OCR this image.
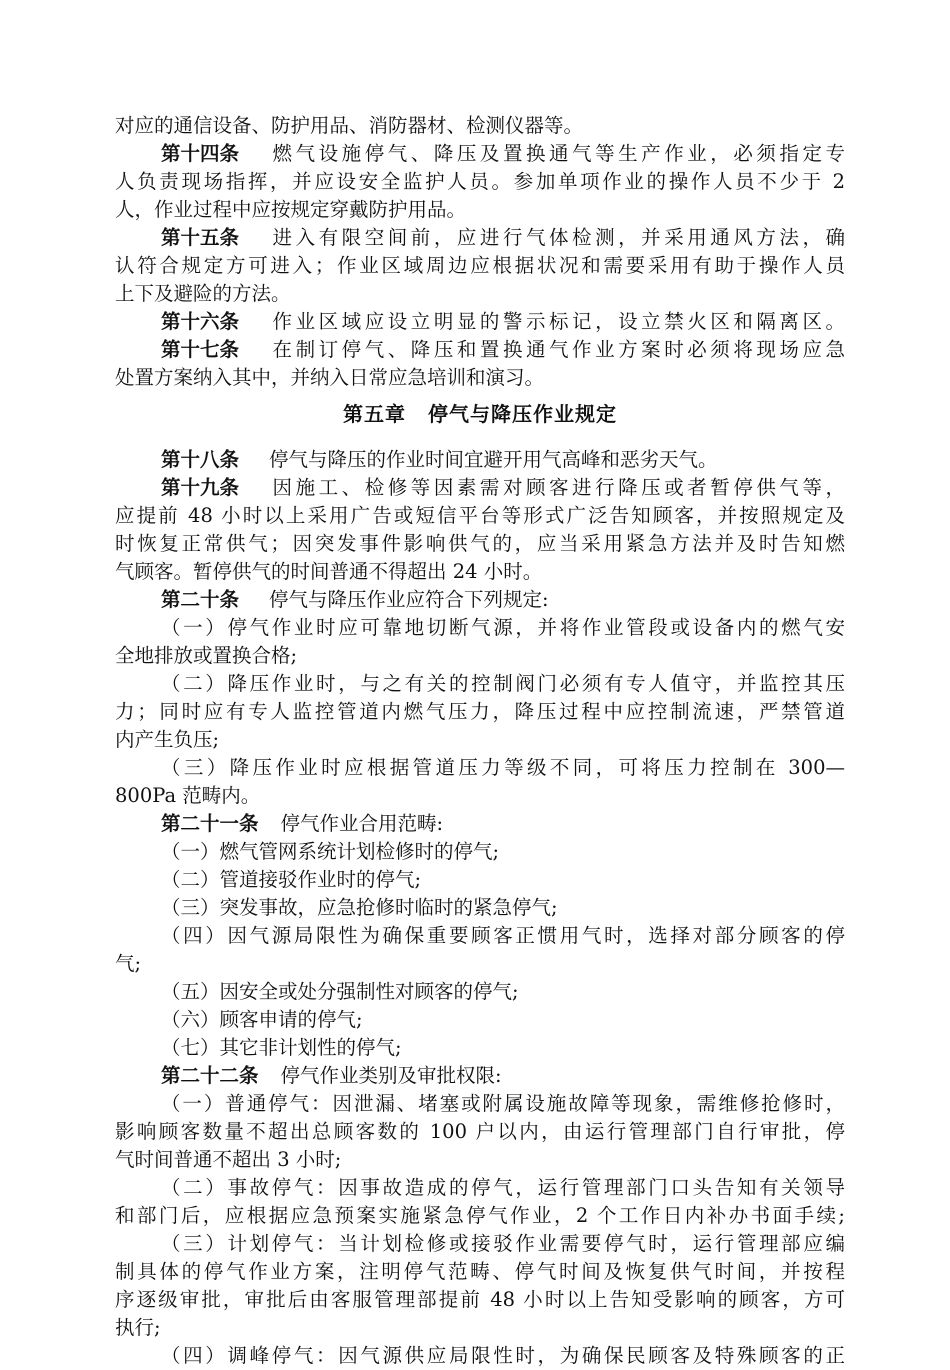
对应的通信设备、防护用品、消防器材、检测仪器等。

第十四条 燃气设施停气、降压及置换通气等生产作业，必须指定专

人负责现场指挥，并应设安全监护人员。参加单项作业的操作人员不少于 2

人，作业过程中应按规定穿戴防护用品。

第十五条 进入有限空间前，应进行气体检测，并采用通风方法，确

认符合规定方可进入；作业区域周边应根据状况和需要采用有助于操作人员

上下及避险的方法。

第十六条 作业区域应设立明显的警示标记，设立禁火区和隔离区。

第十七条 在制订停气、降压和置换通气作业方案时必须将现场应急

处置方案纳入其中，并纳入日常应急培训和演习。

第五章 停气与降压作业规定

第十八条 停气与降压的作业时间宜避开用气高峰和恶劣天气。

第十九条 因施工、检修等因素需对顾客进行降压或者暂停供气等，

应提前 48 小时以上采用广告或短信平台等形式广泛告知顾客，并按照规定及

时恢复正常供气；因突发事件影响供气的，应当采用紧急方法并及时告知燃

气顾客。暂停供气的时间普通不得超出 24 小时。

第二十条 停气与降压作业应符合下列规定:

（一）停气作业时应可靠地切断气源，并将作业管段或设备内的燃气安

全地排放或置换合格;

（二）降压作业时，与之有关的控制阀门必须有专人值守，并监控其压

力；同时应有专人监控管道内燃气压力，降压过程中应控制流速，严禁管道

内产生负压;

（三）降压作业时应根据管道压力等级不同，可将压力控制在 300—

800Pa 范畴内。

第二十一条 停气作业合用范畴:

（一）燃气管网系统计划检修时的停气;

（二）管道接驳作业时的停气;

（三）突发事故，应急抢修时临时的紧急停气;

（四）因气源局限性为确保重要顾客正惯用气时，选择对部分顾客的停

气;

（五）因安全或处分强制性对顾客的停气;

（六）顾客申请的停气;

（七）其它非计划性的停气;

第二十二条 停气作业类别及审批权限:

（一）普通停气：因泄漏、堵塞或附属设施故障等现象，需维修抢修时，

影响顾客数量不超出总顾客数的 100 户以内，由运行管理部门自行审批，停

气时间普通不超出 3 小时;

（二）事故停气：因事故造成的停气，运行管理部门口头告知有关领导

和部门后，应根据应急预案实施紧急停气作业，2 个工作日内补办书面手续;

（三）计划停气：当计划检修或接驳作业需要停气时，运行管理部应编

制具体的停气作业方案，注明停气范畴、停气时间及恢复供气时间，并按程

序逐级审批，审批后由客服管理部提前 48 小时以上告知受影响的顾客，方可

执行;

（四）调峰停气：因气源供应局限性时，为确保民顾客及特殊顾客的正
